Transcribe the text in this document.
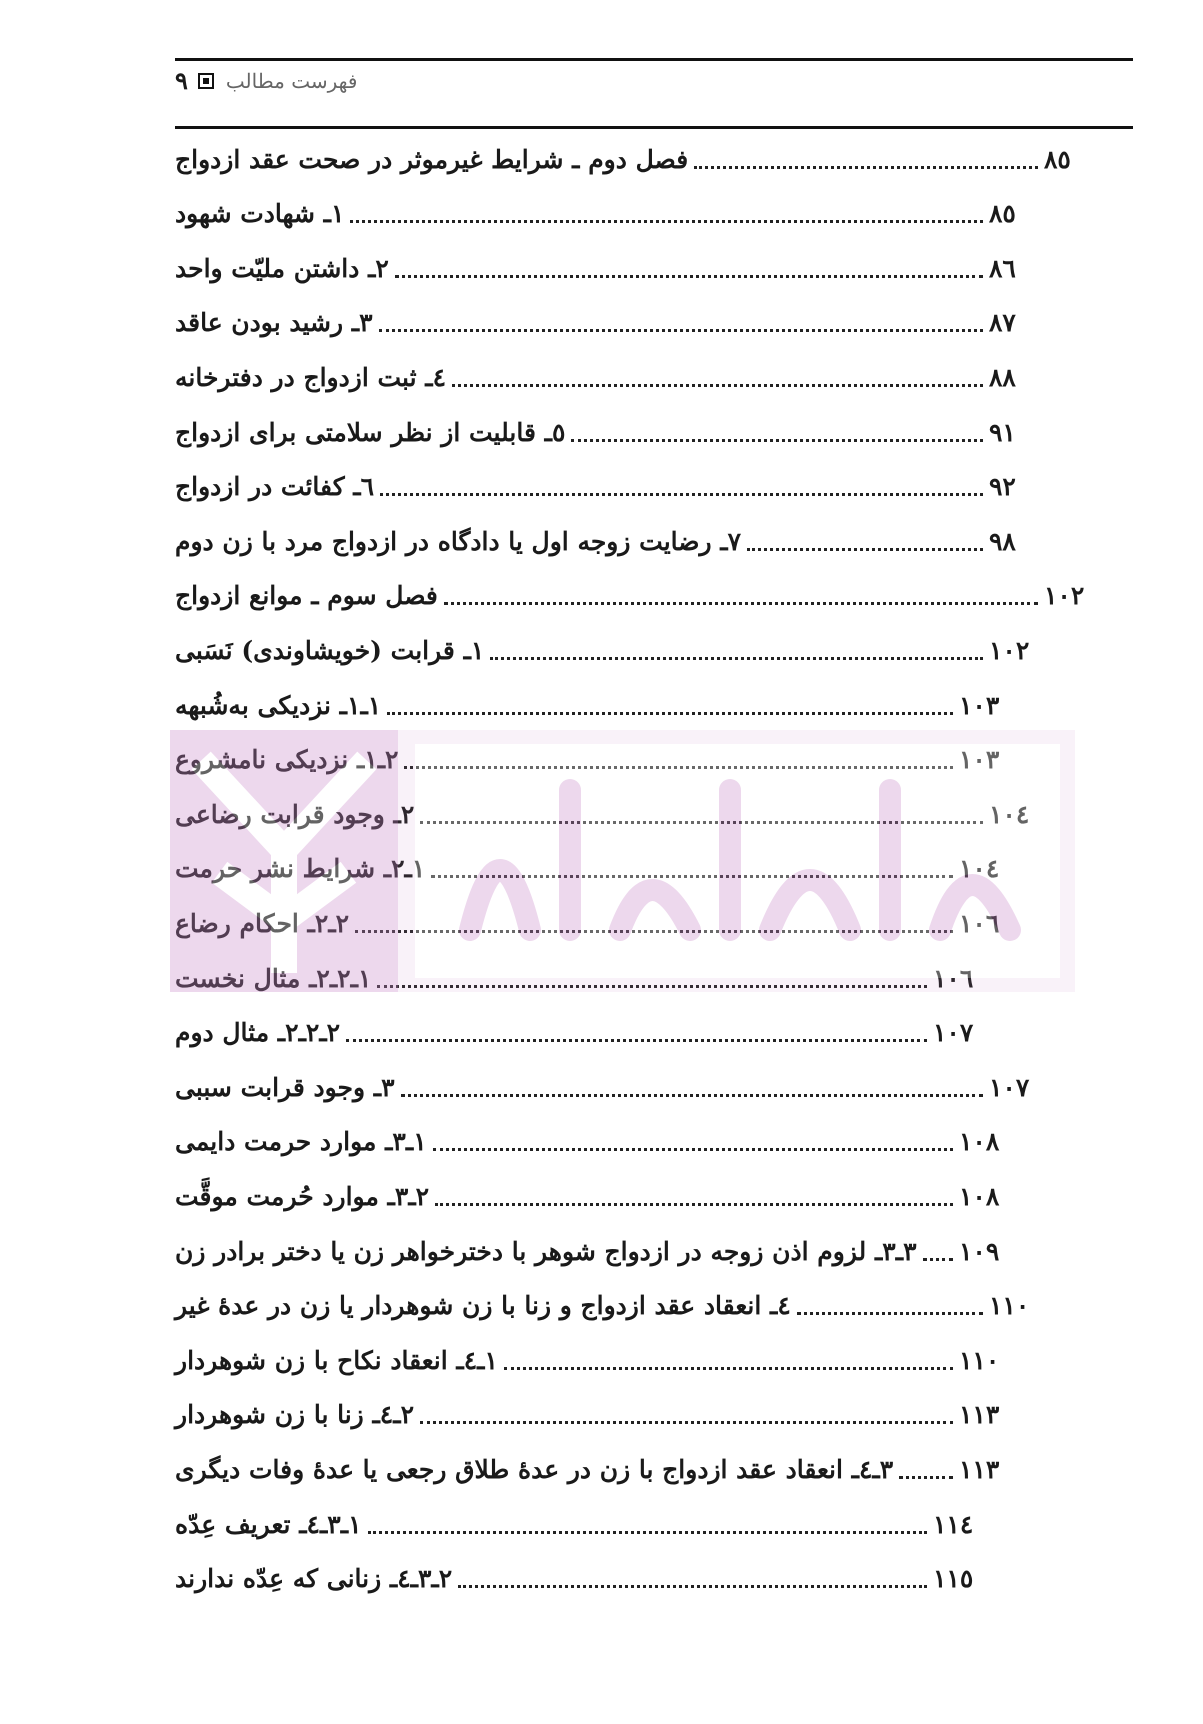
٩ فهرست مطالب
فصل دوم ـ شرایط غیرموثر در صحت عقد ازدواج	٨٥
١ـ شهادت شهود	٨٥
٢ـ داشتن ملیّت واحد	٨٦
٣ـ رشید بودن عاقد	٨٧
٤ـ ثبت ازدواج در دفترخانه	٨٨
٥ـ قابلیت از نظر سلامتی برای ازدواج	٩١
٦ـ کفائت در ازدواج	٩٢
٧ـ رضایت زوجه اول یا دادگاه در ازدواج مرد با زن دوم	٩٨
فصل سوم ـ موانع ازدواج	١٠٢
١ـ قرابت (خویشاوندی) نَسَبی	١٠٢
١ـ١ـ نزدیکی به‌شُبهه	١٠٣
٢ـ١ـ نزدیکی نامشروع	١٠٣
٢ـ وجود قرابت رضاعی	١٠٤
١ـ٢ـ شرایط نشر حرمت	١٠٤
٢ـ٢ـ احکام رضاع	١٠٦
١ـ٢ـ٢ـ مثال نخست	١٠٦
٢ـ٢ـ٢ـ مثال دوم	١٠٧
٣ـ وجود قرابت سببی	١٠٧
١ـ٣ـ موارد حرمت دایمی	١٠٨
٢ـ٣ـ موارد حُرمت موقَّت	١٠٨
٣ـ٣ـ لزوم اذن زوجه در ازدواج شوهر با دخترخواهر زن یا دختر برادر زن ١٠٩
٤ـ انعقاد عقد ازدواج و زنا با زن شوهردار یا زن در عدهٔ غیر	١١٠
١ـ٤ـ انعقاد نکاح با زن شوهردار	١١٠
٢ـ٤ـ زنا با زن شوهردار	١١٣
٣ـ٤ـ انعقاد عقد ازدواج با زن در عدهٔ طلاق رجعی یا عدهٔ وفات دیگری	١١٣
١ـ٣ـ٤ـ تعریف عِدّه	١١٤
٢ـ٣ـ٤ـ زنانی که عِدّه ندارند	١١٥
